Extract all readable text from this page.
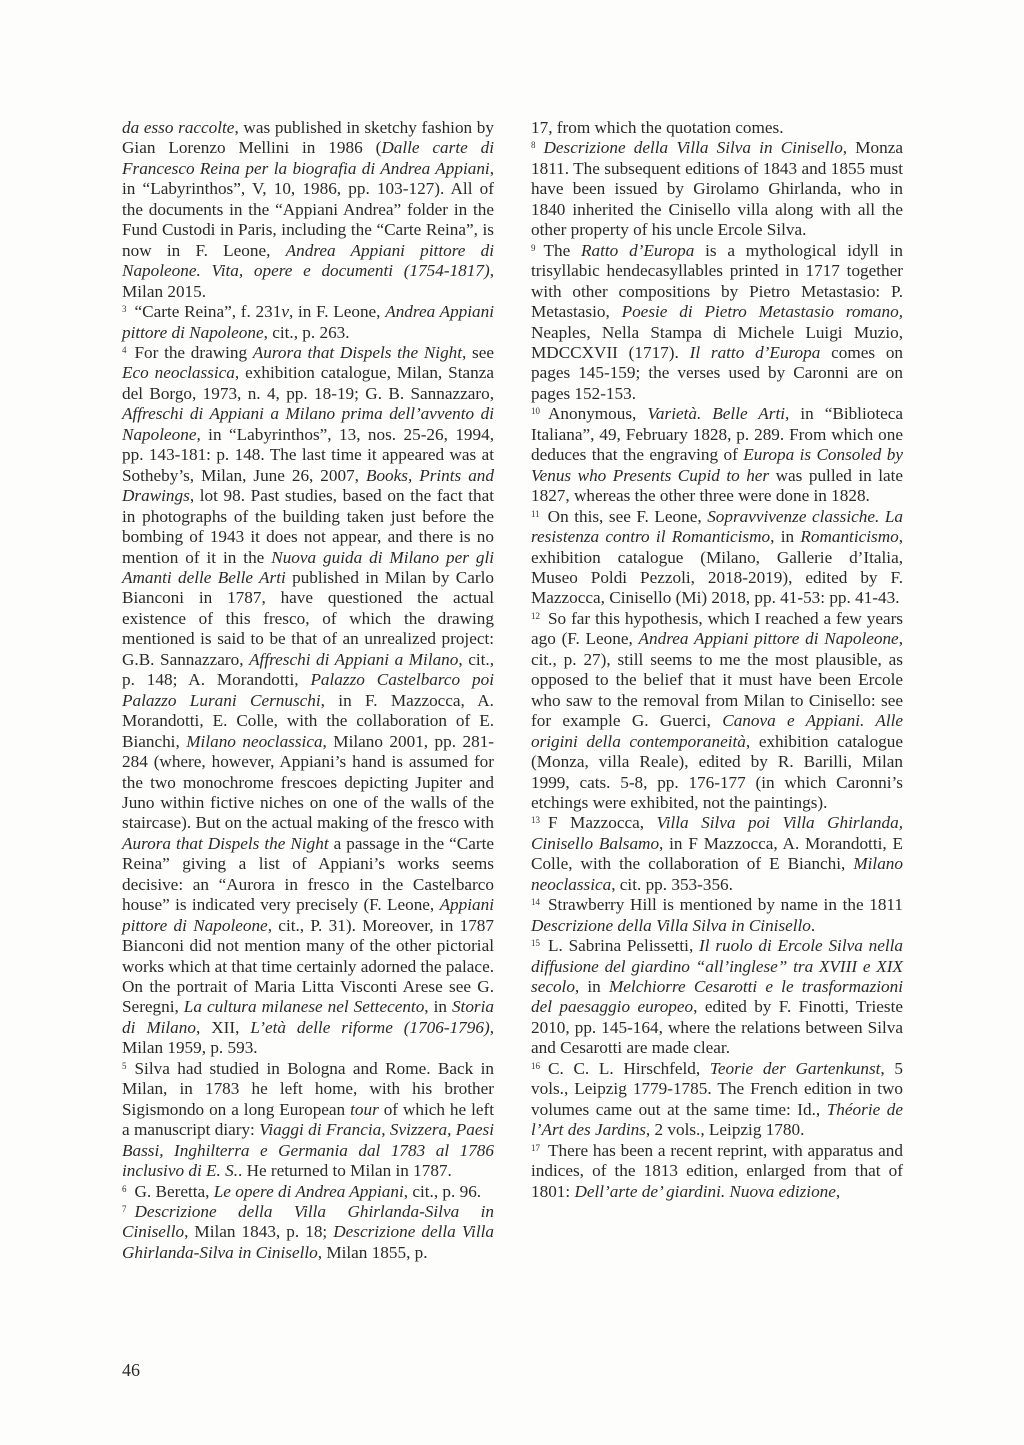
da esso raccolte, was published in sketchy fashion by Gian Lorenzo Mellini in 1986 (Dalle carte di Francesco Reina per la biografia di Andrea Appiani, in “Labyrinthos”, V, 10, 1986, pp. 103-127). All of the documents in the “Appiani Andrea” folder in the Fund Custodi in Paris, including the “Carte Reina”, is now in F. Leone, Andrea Appiani pittore di Napoleone. Vita, opere e documenti (1754-1817), Milan 2015.

$^3$ “Carte Reina”, f. 231v, in F. Leone, Andrea Appiani pittore di Napoleone, cit., p. 263.

$^4$ For the drawing Aurora that Dispels the Night, see Eco neoclassica, exhibition catalogue, Milan, Stanza del Borgo, 1973, n. 4, pp. 18-19; G. B. Sannazzaro, Affreschi di Appiani a Milano prima dell’avvento di Napoleone, in “Labyrinthos”, 13, nos. 25-26, 1994, pp. 143-181: p. 148. The last time it appeared was at Sotheby’s, Milan, June 26, 2007, Books, Prints and Drawings, lot 98. Past studies, based on the fact that in photographs of the building taken just before the bombing of 1943 it does not appear, and there is no mention of it in the Nuova guida di Milano per gli Amanti delle Belle Arti published in Milan by Carlo Bianconi in 1787, have questioned the actual existence of this fresco, of which the drawing mentioned is said to be that of an unrealized project: G.B. Sannazzaro, Affreschi di Appiani a Milano, cit., p. 148; A. Morandotti, Palazzo Castelbarco poi Palazzo Lurani Cernuschi, in F. Mazzocca, A. Morandotti, E. Colle, with the collaboration of E. Bianchi, Milano neoclassica, Milano 2001, pp. 281-284 (where, however, Appiani’s hand is assumed for the two monochrome frescoes depicting Jupiter and Juno within fictive niches on one of the walls of the staircase). But on the actual making of the fresco with Aurora that Dispels the Night a passage in the “Carte Reina” giving a list of Appiani’s works seems decisive: an “Aurora in fresco in the Castelbarco house” is indicated very precisely (F. Leone, Appiani pittore di Napoleone, cit., P. 31). Moreover, in 1787 Bianconi did not mention many of the other pictorial works which at that time certainly adorned the palace. On the portrait of Maria Litta Visconti Arese see G. Seregni, La cultura milanese nel Settecento, in Storia di Milano, XII, L’età delle riforme (1706-1796), Milan 1959, p. 593.

$^5$ Silva had studied in Bologna and Rome. Back in Milan, in 1783 he left home, with his brother Sigismondo on a long European tour of which he left a manuscript diary: Viaggi di Francia, Svizzera, Paesi Bassi, Inghilterra e Germania dal 1783 al 1786 inclusivo di E. S.. He returned to Milan in 1787.

$^6$ G. Beretta, Le opere di Andrea Appiani, cit., p. 96.

$^7$ Descrizione della Villa Ghirlanda-Silva in Cinisello, Milan 1843, p. 18; Descrizione della Villa Ghirlanda-Silva in Cinisello, Milan 1855, p.

17, from which the quotation comes.

$^8$ Descrizione della Villa Silva in Cinisello, Monza 1811. The subsequent editions of 1843 and 1855 must have been issued by Girolamo Ghirlanda, who in 1840 inherited the Cinisello villa along with all the other property of his uncle Ercole Silva.

$^9$ The Ratto d’Europa is a mythological idyll in trisyllabic hendecasyllables printed in 1717 together with other compositions by Pietro Metastasio: P. Metastasio, Poesie di Pietro Metastasio romano, Neaples, Nella Stampa di Michele Luigi Muzio, MDCCXVII (1717). Il ratto d’Europa comes on pages 145-159; the verses used by Caronni are on pages 152-153.

$^{10}$ Anonymous, Varietà. Belle Arti, in “Biblioteca Italiana”, 49, February 1828, p. 289. From which one deduces that the engraving of Europa is Consoled by Venus who Presents Cupid to her was pulled in late 1827, whereas the other three were done in 1828.

$^{11}$ On this, see F. Leone, Sopravvivenze classiche. La resistenza contro il Romanticismo, in Romanticismo, exhibition catalogue (Milano, Gallerie d’Italia, Museo Poldi Pezzoli, 2018-2019), edited by F. Mazzocca, Cinisello (Mi) 2018, pp. 41-53: pp. 41-43.

$^{12}$ So far this hypothesis, which I reached a few years ago (F. Leone, Andrea Appiani pittore di Napoleone, cit., p. 27), still seems to me the most plausible, as opposed to the belief that it must have been Ercole who saw to the removal from Milan to Cinisello: see for example G. Guerci, Canova e Appiani. Alle origini della contemporaneità, exhibition catalogue (Monza, villa Reale), edited by R. Barilli, Milan 1999, cats. 5-8, pp. 176-177 (in which Caronni’s etchings were exhibited, not the paintings).

$^{13}$ F Mazzocca, Villa Silva poi Villa Ghirlanda, Cinisello Balsamo, in F Mazzocca, A. Morandotti, E Colle, with the collaboration of E Bianchi, Milano neoclassica, cit. pp. 353-356.

$^{14}$ Strawberry Hill is mentioned by name in the 1811 Descrizione della Villa Silva in Cinisello.

$^{15}$ L. Sabrina Pelissetti, Il ruolo di Ercole Silva nella diffusione del giardino “all’inglese” tra XVIII e XIX secolo, in Melchiorre Cesarotti e le trasformazioni del paesaggio europeo, edited by F. Finotti, Trieste 2010, pp. 145-164, where the relations between Silva and Cesarotti are made clear.

$^{16}$ C. C. L. Hirschfeld, Teorie der Gartenkunst, 5 vols., Leipzig 1779-1785. The French edition in two volumes came out at the same time: Id., Théorie de l’Art des Jardins, 2 vols., Leipzig 1780.

$^{17}$ There has been a recent reprint, with apparatus and indices, of the 1813 edition, enlarged from that of 1801: Dell’arte de’ giardini. Nuova edizione,

46
